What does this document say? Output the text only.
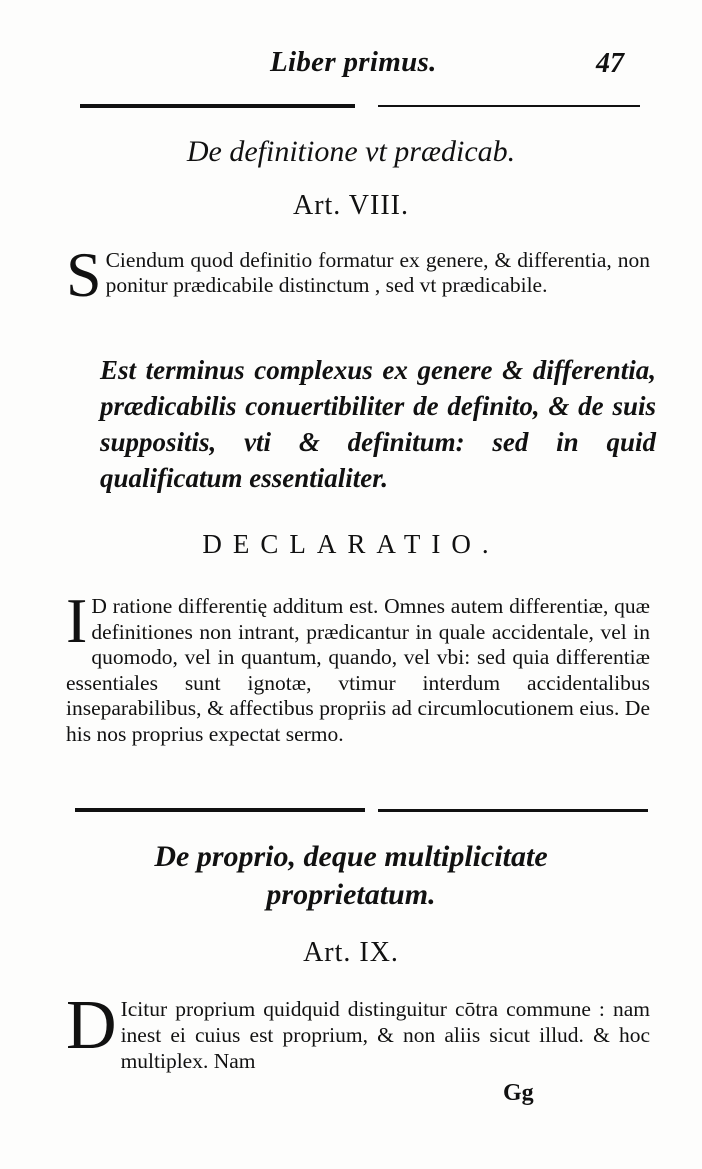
Liber primus.	47
De definitione vt prædicab.
Art. VIII.
S Ciendum quod definitio formatur ex genere, & differentia, non ponitur prædicabile distinctum , sed vt prædicabile.
Est terminus complexus ex genere & differentia, prædicabilis conuertibiliter de definito, & de suis suppositis, vti & definitum: sed in quid qualificatum essentialiter.
DECLARATIO.
I D ratione differentię additum est. Omnes autem differentiæ, quæ definitiones non intrant, prædicantur in quale accidentale, vel in quomodo, vel in quantum, quando, vel vbi: sed quia differentiæ essentiales sunt ignotæ, vtimur interdum accidentalibus inseparabilibus, & affectibus propriis ad circumlocutionem eius. De his nos proprius expectat sermo.
De proprio, deque multiplicitate
proprietatum.
Art. IX.
D Icitur proprium quidquid distinguitur cōtra commune : nam inest ei cuius est proprium, & non aliis sicut illud. & hoc multiplex. Nam
Gg
